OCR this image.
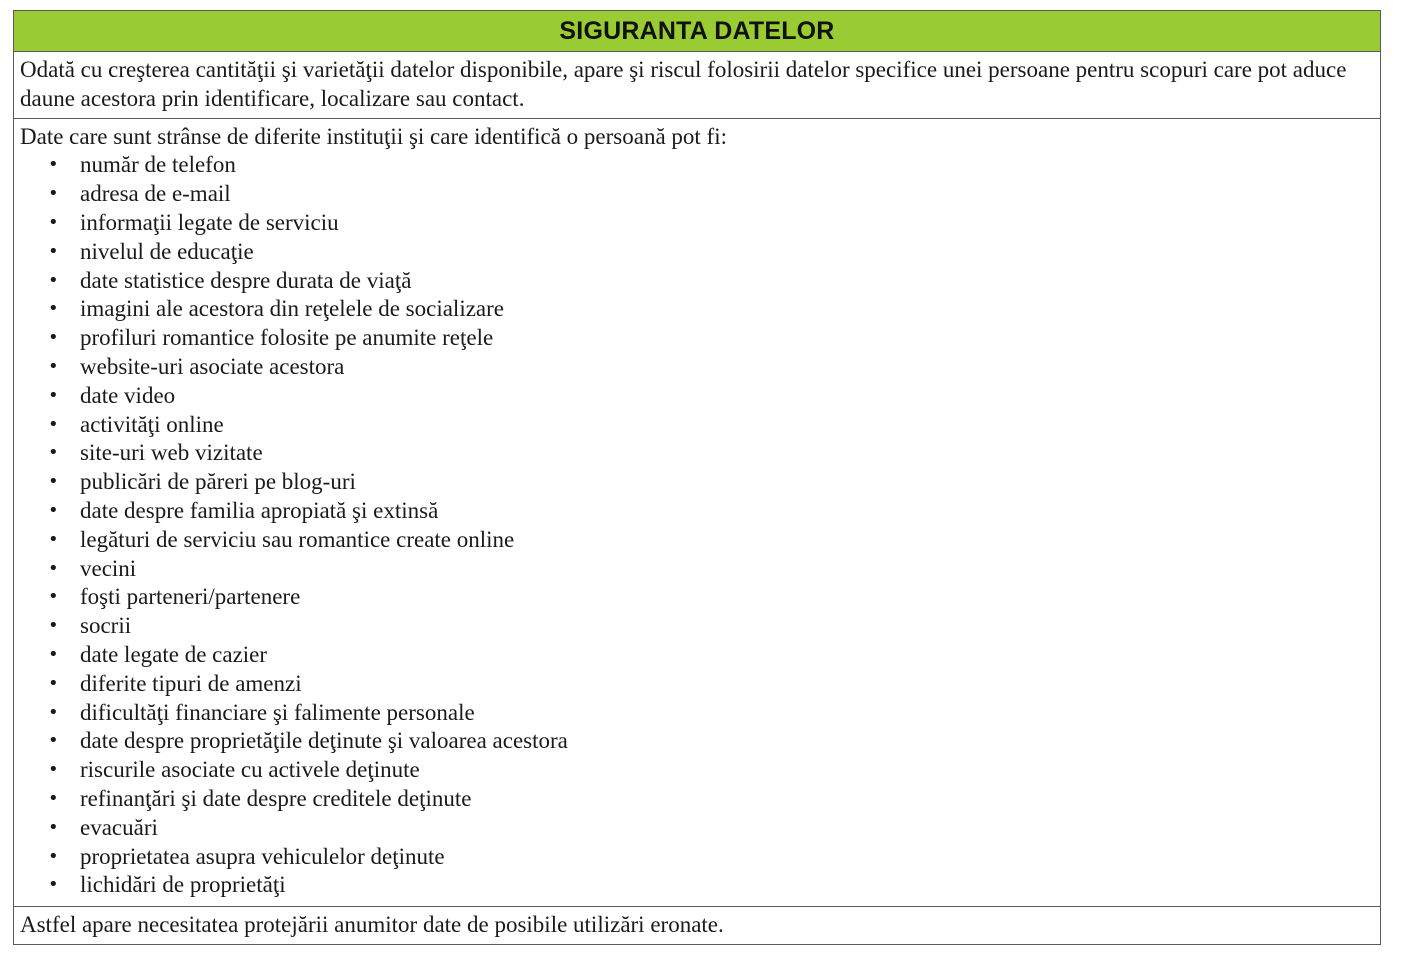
SIGURANTA DATELOR
Odată cu creşterea cantităţii şi varietăţii datelor disponibile, apare şi riscul folosirii datelor specifice unei persoane pentru scopuri care pot aduce daune acestora prin identificare, localizare sau contact.

Date care sunt strânse de diferite instituţii şi care identifică o persoană pot fi:
• număr de telefon
• adresa de e-mail
• informaţii legate de serviciu
• nivelul de educaţie
• date statistice despre durata de viaţă
• imagini ale acestora din reţelele de socializare
• profiluri romantice folosite pe anumite reţele
• website-uri asociate acestora
• date video
• activităţi online
• site-uri web vizitate
• publicări de păreri pe blog-uri
• date despre familia apropiată şi extinsă
• legături de serviciu sau romantice create online
• vecini
• foşti parteneri/partenere
• socrii
• date legate de cazier
• diferite tipuri de amenzi
• dificultăţi financiare şi falimente personale
• date despre proprietăţile deţinute şi valoarea acestora
• riscurile asociate cu activele deţinute
• refinanţări şi date despre creditele deţinute
• evacuări
• proprietatea asupra vehiculelor deţinute
• lichidări de proprietăţi

Astfel apare necesitatea protejării anumitor date de posibile utilizări eronate.
